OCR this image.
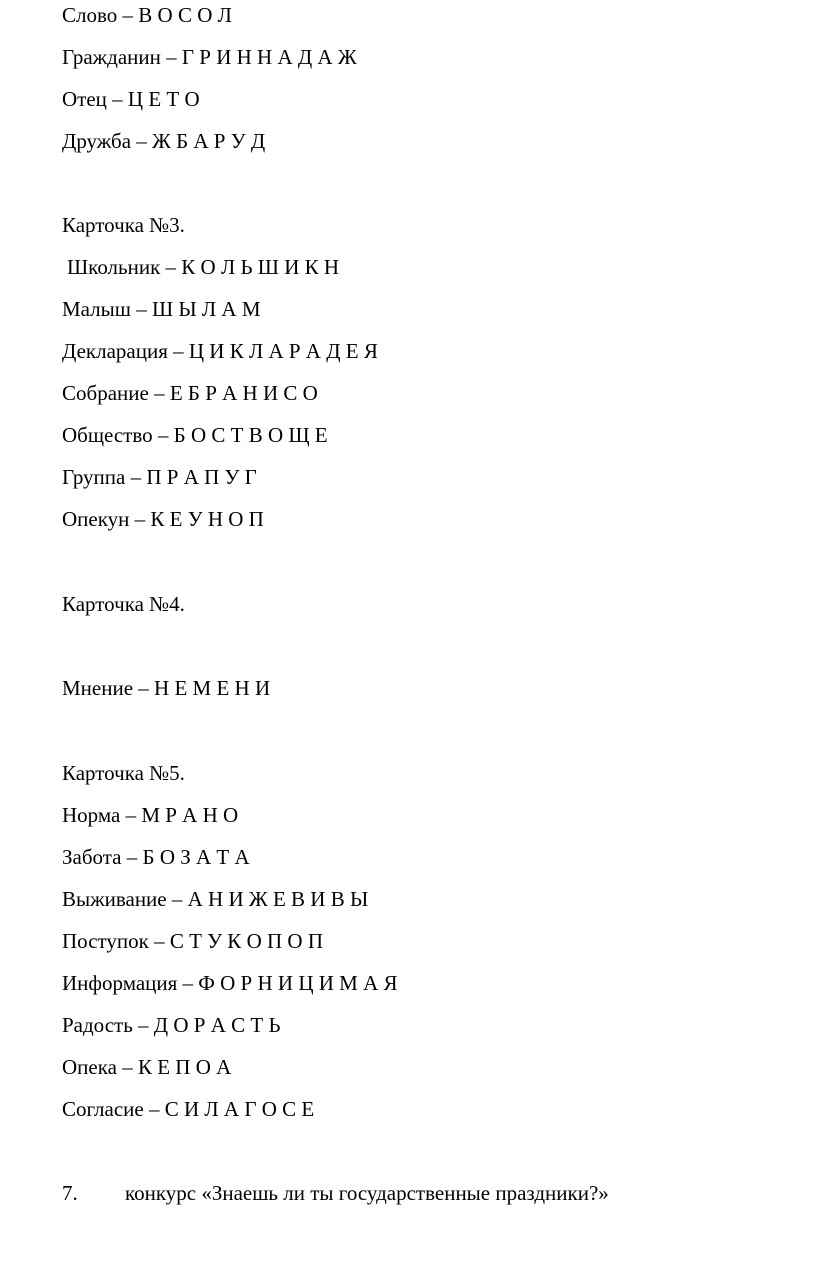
Слово – В О С О Л
Гражданин – Г Р И Н Н А Д А Ж
Отец – Ц Е Т О
Дружба – Ж Б А Р У Д
Карточка №3.
Школьник – К О Л Ь Ш И К Н
Малыш – Ш Ы Л А М
Декларация – Ц И К Л А Р А Д Е Я
Собрание – Е Б Р А Н И С О
Общество – Б О С Т В О Щ Е
Группа – П Р А П У Г
Опекун – К Е У Н О П
Карточка №4.
Мнение – Н Е М Е Н И
Карточка №5.
Норма – М Р А Н О
Забота – Б О З А Т А
Выживание – А Н И Ж Е В И В Ы
Поступок – С Т У К О П О П
Информация – Ф О Р Н И Ц И М А Я
Радость – Д О Р А С Т Ь
Опека – К Е П О А
Согласие – С И Л А Г О С Е
7. конкурс «Знаешь ли ты государственные праздники?»
